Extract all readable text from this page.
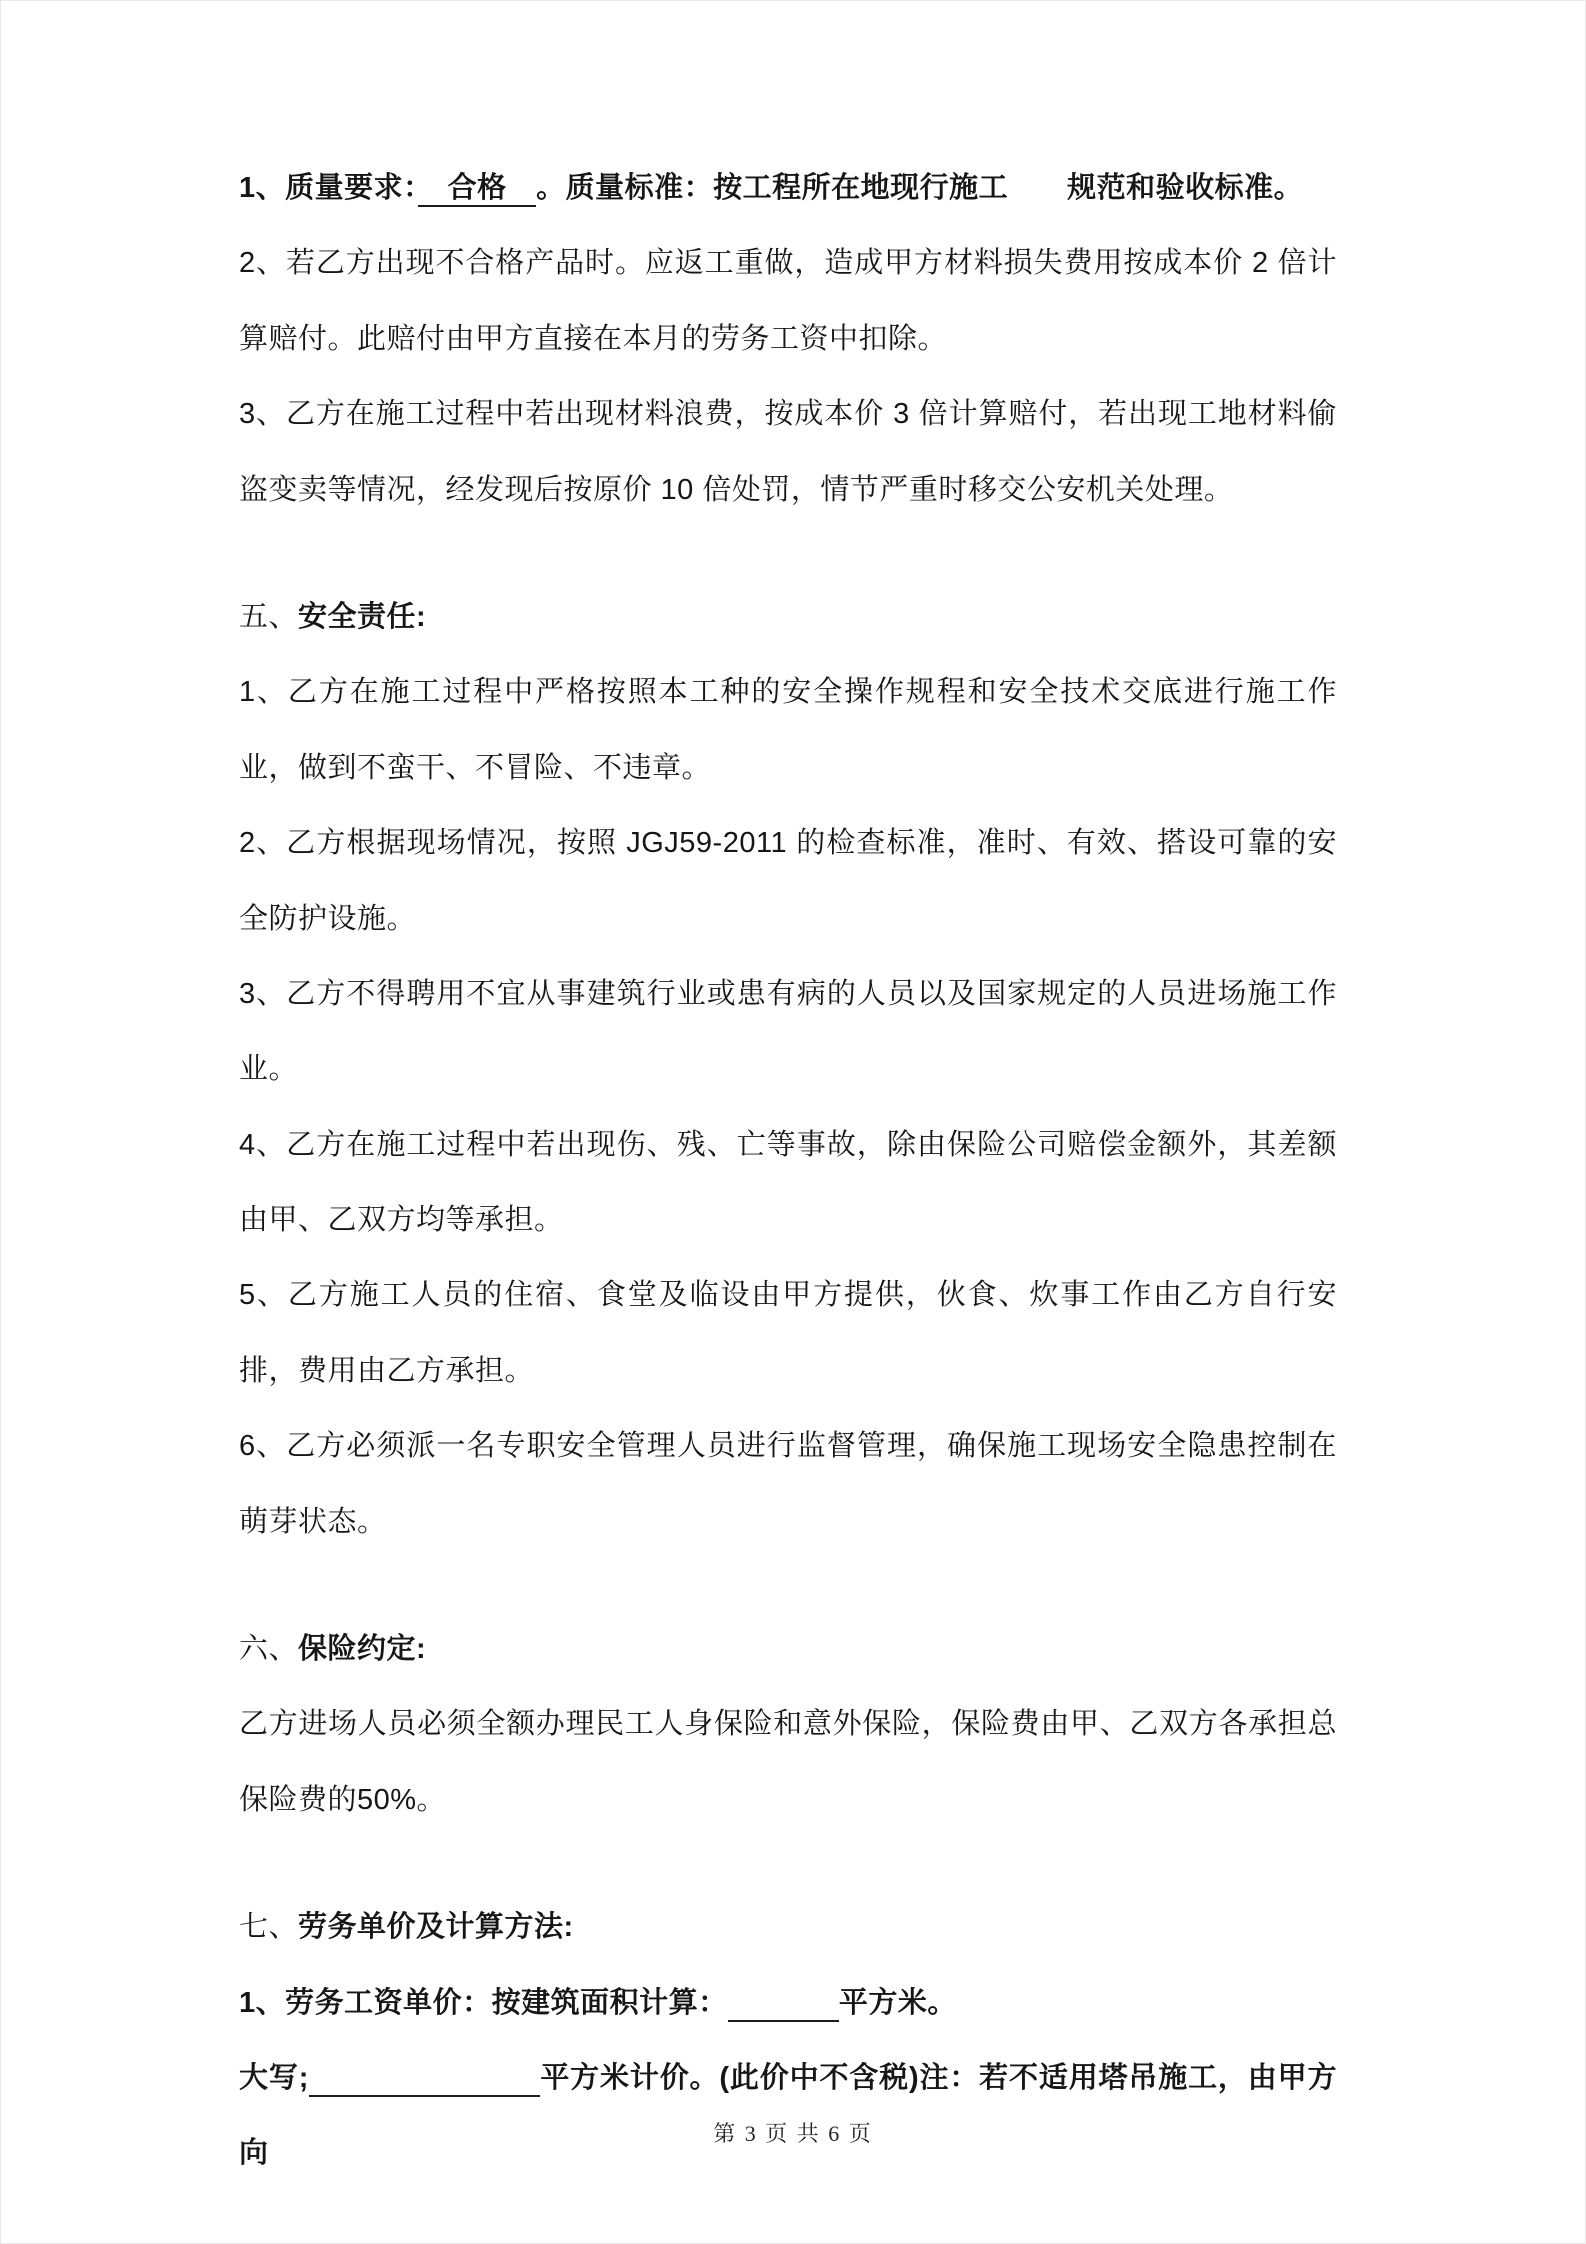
1、质量要求：　合格　。质量标准：按工程所在地现行施工　　规范和验收标准。
2、若乙方出现不合格产品时。应返工重做，造成甲方材料损失费用按成本价 2 倍计算赔付。此赔付由甲方直接在本月的劳务工资中扣除。
3、乙方在施工过程中若出现材料浪费，按成本价 3 倍计算赔付，若出现工地材料偷盗变卖等情况，经发现后按原价 10 倍处罚，情节严重时移交公安机关处理。
五、安全责任:
1、乙方在施工过程中严格按照本工种的安全操作规程和安全技术交底进行施工作业，做到不蛮干、不冒险、不违章。
2、乙方根据现场情况，按照 JGJ59-2011 的检查标准，准时、有效、搭设可靠的安全防护设施。
3、乙方不得聘用不宜从事建筑行业或患有病的人员以及国家规定的人员进场施工作业。
4、乙方在施工过程中若出现伤、残、亡等事故，除由保险公司赔偿金额外，其差额由甲、乙双方均等承担。
5、乙方施工人员的住宿、食堂及临设由甲方提供，伙食、炊事工作由乙方自行安排，费用由乙方承担。
6、乙方必须派一名专职安全管理人员进行监督管理，确保施工现场安全隐患控制在萌芽状态。
六、保险约定:
乙方进场人员必须全额办理民工人身保险和意外保险，保险费由甲、乙双方各承担总保险费的50%。
七、劳务单价及计算方法:
1、劳务工资单价：按建筑面积计算：	平方米。
大写;	平方米计价。(此价中不含税)注：若不适用塔吊施工，由甲方向
第 3 页 共 6 页
